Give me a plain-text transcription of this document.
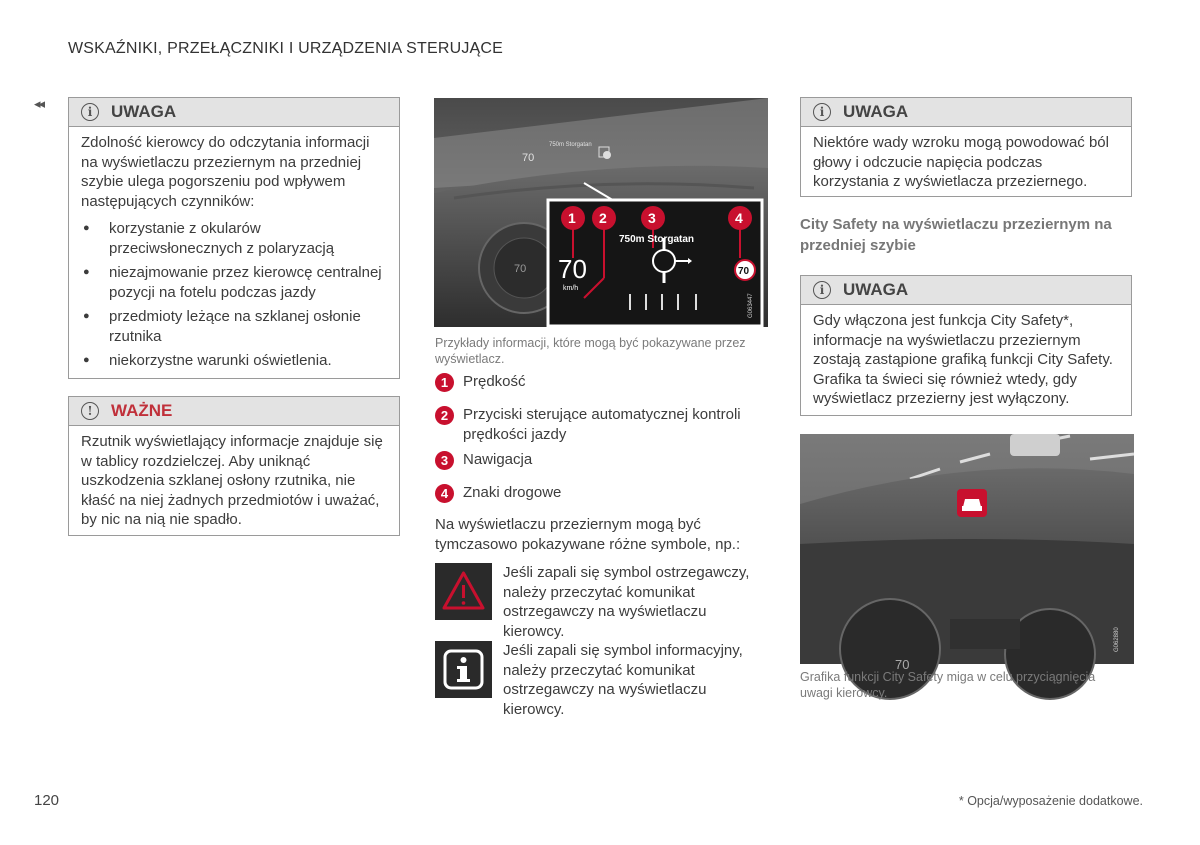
WSKAŹNIKI, PRZEŁĄCZNIKI I URZĄDZENIA STERUJĄCE
◂◂
i	UWAGA

Zdolność kierowcy do odczytania informacji na wyświetlaczu przeziernym na przedniej szybie ulega pogorszeniu pod wpływem następujących czynników:

● korzystanie z okularów przeciwsłonecznych z polaryzacją
● niezajmowanie przez kierowcę centralnej pozycji na fotelu podczas jazdy
● przedmioty leżące na szklanej osłonie rzutnika
● niekorzystne warunki oświetlenia.
!	WAŻNE

Rzutnik wyświetlający informacje znajduje się w tablicy rozdzielczej. Aby uniknąć uszkodzenia szklanej osłony rzutnika, nie kłaść na niej żadnych przedmiotów i uważać, by nic na nią nie spadło.

70
750m Storgatan
70
1 2	3	4
750m Storgatan
70
km/h
70
G063447
Przykłady informacji, które mogą być pokazywane przez wyświetlacz.
1 Prędkość
2 Przyciski sterujące automatycznej kontroli prędkości jazdy
3 Nawigacja
4 Znaki drogowe
Na wyświetlaczu przeziernym mogą być tymczasowo pokazywane różne symbole, np.:
Jeśli zapali się symbol ostrzegawczy, należy przeczytać komunikat ostrzegawczy na wyświetlaczu kierowcy.
Jeśli zapali się symbol informacyjny, należy przeczytać komunikat ostrzegawczy na wyświetlaczu kierowcy.
i	UWAGA

Niektóre wady wzroku mogą powodować ból głowy i odczucie napięcia podczas korzystania z wyświetlacza przeziernego.

City Safety na wyświetlaczu przeziernym na przedniej szybie
i	UWAGA

Gdy włączona jest funkcja City Safety*, informacje na wyświetlaczu przeziernym zostają zastąpione grafiką funkcji City Safety. Grafika ta świeci się również wtedy, gdy wyświetlacz przezierny jest wyłączony.

70
G062880
Grafika funkcji City Safety miga w celu przyciągnięcia uwagi kierowcy.
120	* Opcja/wyposażenie dodatkowe.
